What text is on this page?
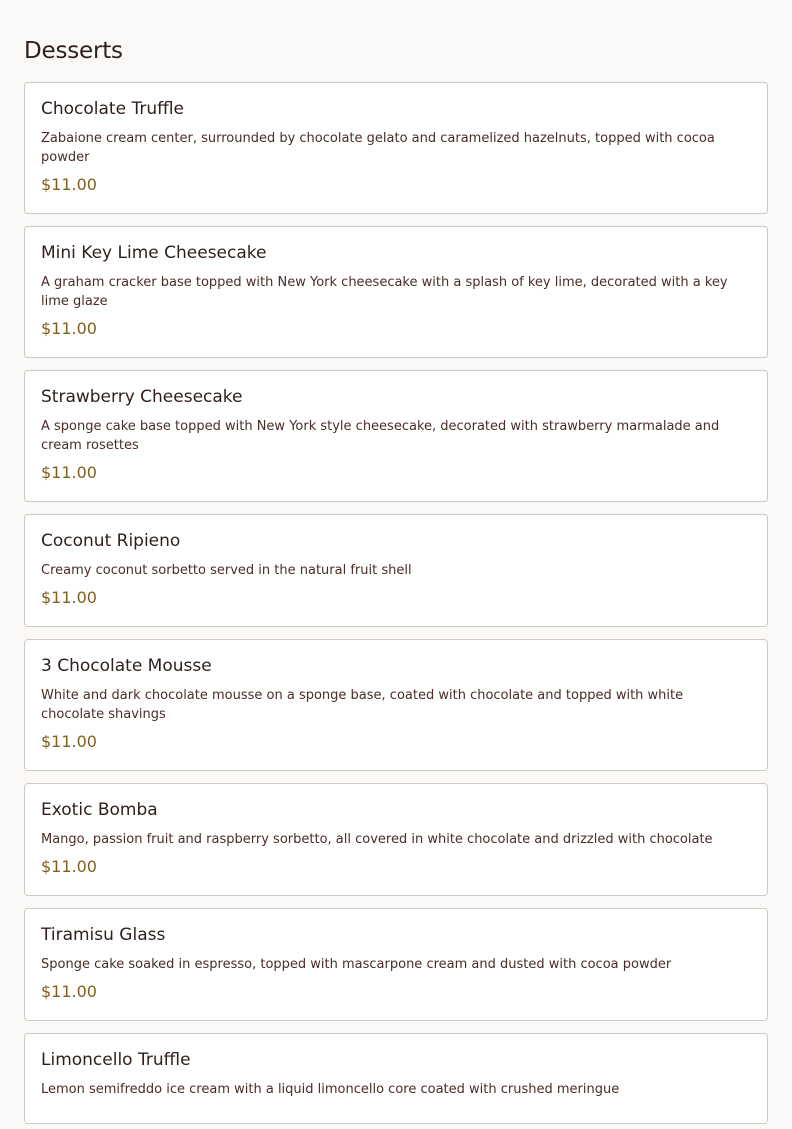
Desserts
Chocolate Truffle

Zabaione cream center, surrounded by chocolate gelato and caramelized hazelnuts, topped with cocoa powder

$11.00

Mini Key Lime Cheesecake

A graham cracker base topped with New York cheesecake with a splash of key lime, decorated with a key lime glaze

$11.00

Strawberry Cheesecake

A sponge cake base topped with New York style cheesecake, decorated with strawberry marmalade and cream rosettes

$11.00

Coconut Ripieno

Creamy coconut sorbetto served in the natural fruit shell

$11.00

3 Chocolate Mousse

White and dark chocolate mousse on a sponge base, coated with chocolate and topped with white chocolate shavings

$11.00

Exotic Bomba

Mango, passion fruit and raspberry sorbetto, all covered in white chocolate and drizzled with chocolate

$11.00

Tiramisu Glass

Sponge cake soaked in espresso, topped with mascarpone cream and dusted with cocoa powder

$11.00

Limoncello Truffle

Lemon semifreddo ice cream with a liquid limoncello core coated with crushed meringue
